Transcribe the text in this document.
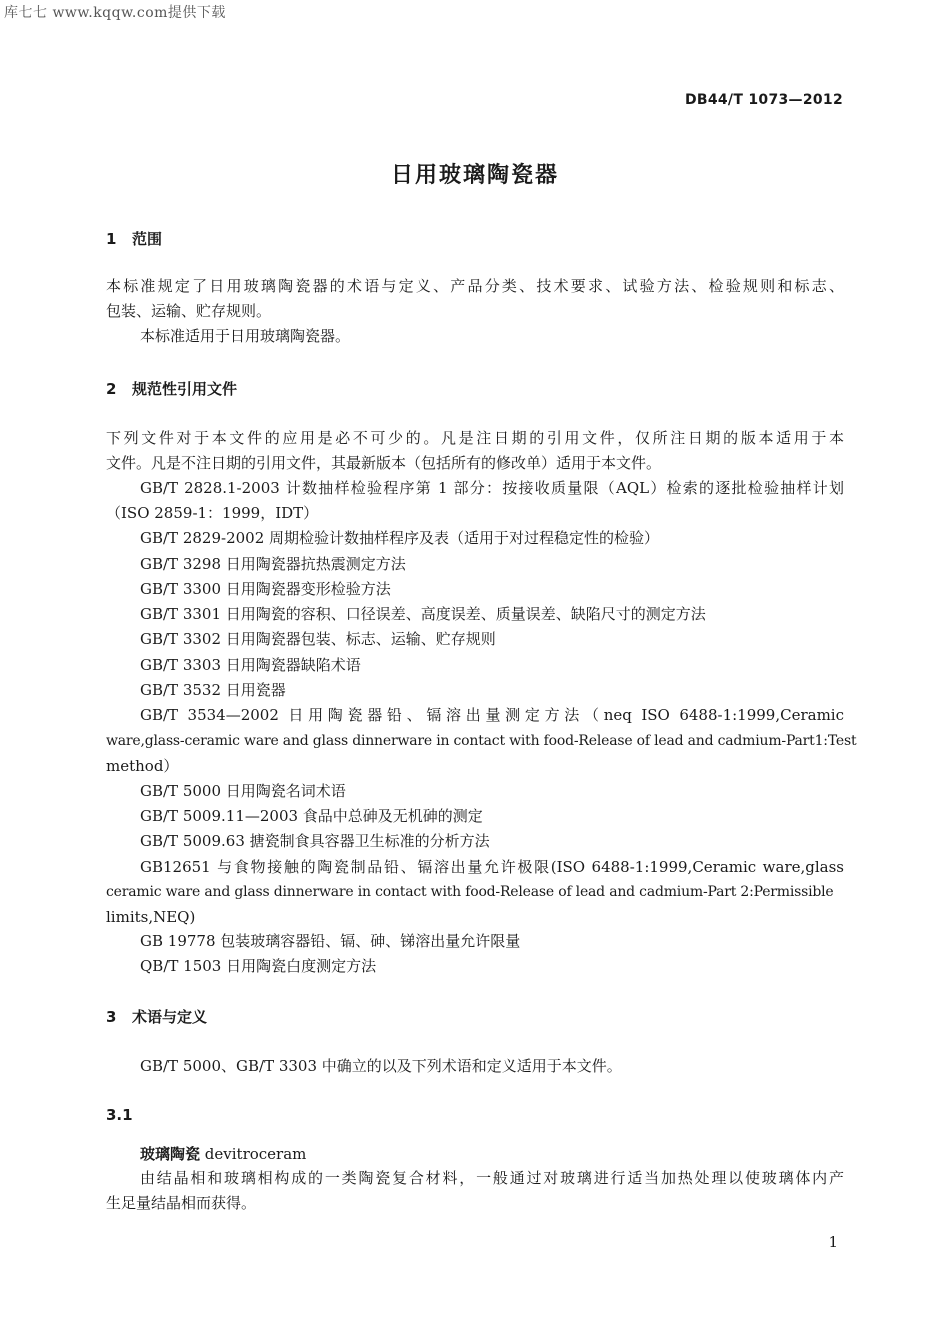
库七七 www.kqqw.com提供下载
DB44/T 1073—2012
日用玻璃陶瓷器
1 范围
本标准规定了日用玻璃陶瓷器的术语与定义、产品分类、技术要求、试验方法、检验规则和标志、
包装、运输、贮存规则。
本标准适用于日用玻璃陶瓷器。
2 规范性引用文件
下列文件对于本文件的应用是必不可少的。凡是注日期的引用文件，仅所注日期的版本适用于本
文件。凡是不注日期的引用文件，其最新版本（包括所有的修改单）适用于本文件。
GB/T 2828.1-2003 计数抽样检验程序第 1 部分：按接收质量限（AQL）检索的逐批检验抽样计划
（ISO 2859-1：1999，IDT）
GB/T 2829-2002 周期检验计数抽样程序及表（适用于对过程稳定性的检验）
GB/T 3298 日用陶瓷器抗热震测定方法
GB/T 3300 日用陶瓷器变形检验方法
GB/T 3301 日用陶瓷的容积、口径误差、高度误差、质量误差、缺陷尺寸的测定方法
GB/T 3302 日用陶瓷器包装、标志、运输、贮存规则
GB/T 3303 日用陶瓷器缺陷术语
GB/T 3532 日用瓷器
GB/T 3534—2002 日用陶瓷器铅、镉溶出量测定方法（neq ISO 6488-1:1999,Ceramic
ware,glass-ceramic ware and glass dinnerware in contact with food-Release of lead and cadmium-Part1:Test
method）
GB/T 5000 日用陶瓷名词术语
GB/T 5009.11—2003 食品中总砷及无机砷的测定
GB/T 5009.63 搪瓷制食具容器卫生标准的分析方法
GB12651 与食物接触的陶瓷制品铅、镉溶出量允许极限(ISO 6488-1:1999,Ceramic ware,glass
ceramic ware and glass dinnerware in contact with food-Release of lead and cadmium-Part 2:Permissible
limits,NEQ)
GB 19778 包装玻璃容器铅、镉、砷、锑溶出量允许限量
QB/T 1503 日用陶瓷白度测定方法
3 术语与定义
GB/T 5000、GB/T 3303 中确立的以及下列术语和定义适用于本文件。
3.1
玻璃陶瓷 devitroceram
由结晶相和玻璃相构成的一类陶瓷复合材料，一般通过对玻璃进行适当加热处理以使玻璃体内产
生足量结晶相而获得。
1
